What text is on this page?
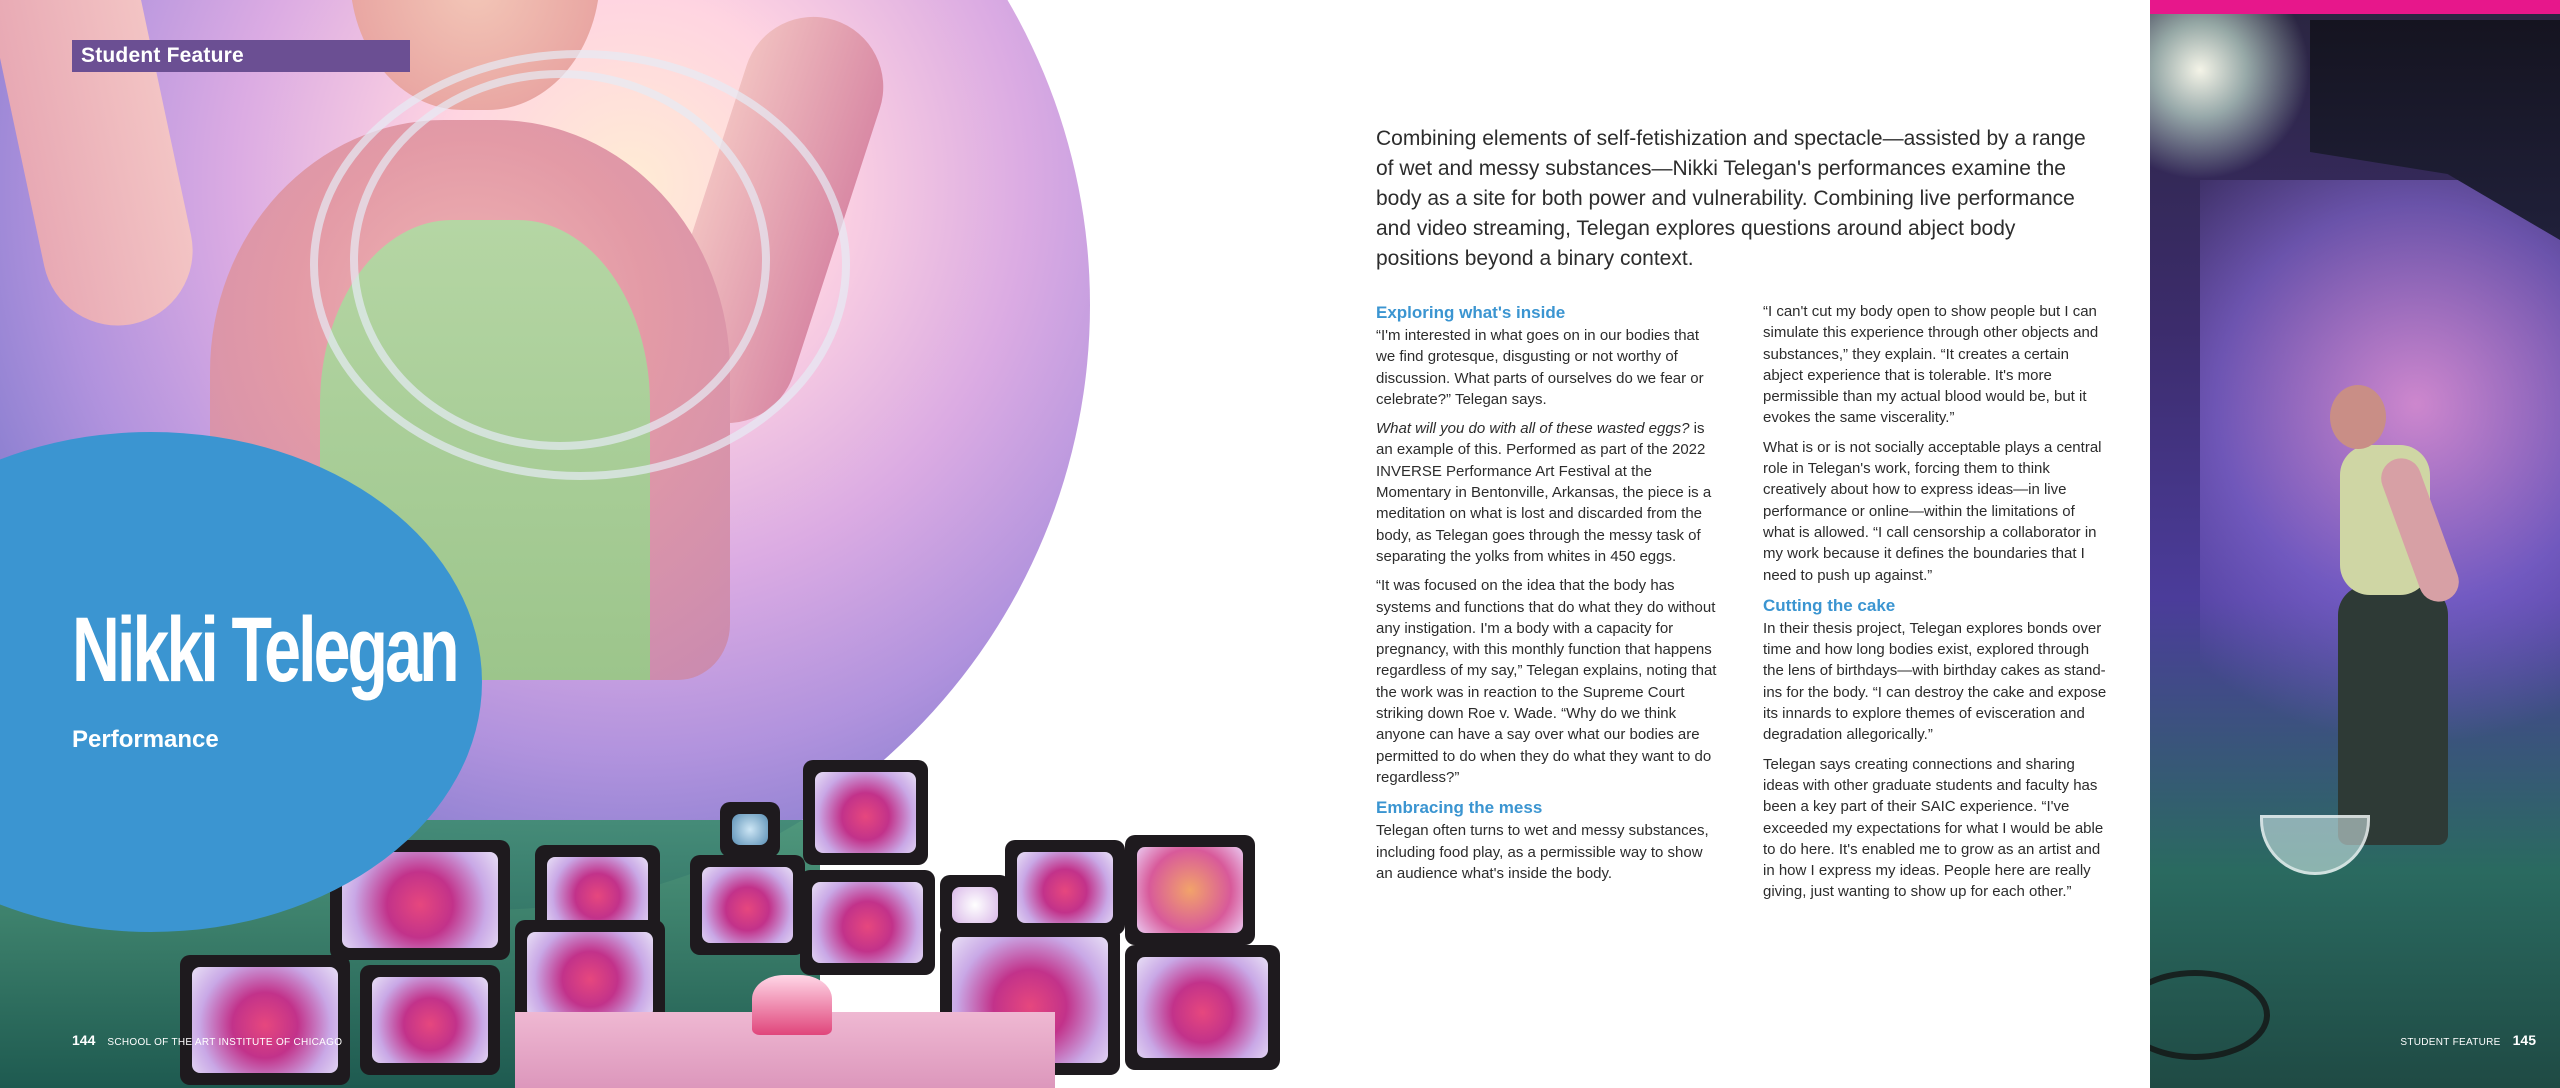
Student Feature
Nikki Telegan
Performance
144 SCHOOL OF THE ART INSTITUTE OF CHICAGO
Combining elements of self-fetishization and spectacle—assisted by a range of wet and messy substances—Nikki Telegan's performances examine the body as a site for both power and vulnerability. Combining live performance and video streaming, Telegan explores questions around abject body positions beyond a binary context.
Exploring what's inside

“I'm interested in what goes on in our bodies that we find grotesque, disgusting or not worthy of discussion. What parts of ourselves do we fear or celebrate?” Telegan says.

What will you do with all of these wasted eggs? is an example of this. Performed as part of the 2022 INVERSE Performance Art Festival at the Momentary in Bentonville, Arkansas, the piece is a meditation on what is lost and discarded from the body, as Telegan goes through the messy task of separating the yolks from whites in 450 eggs.

“It was focused on the idea that the body has systems and functions that do what they do without any instigation. I'm a body with a capacity for pregnancy, with this monthly function that happens regardless of my say,” Telegan explains, noting that the work was in reaction to the Supreme Court striking down Roe v. Wade. “Why do we think anyone can have a say over what our bodies are permitted to do when they do what they want to do regardless?”

Embracing the mess

Telegan often turns to wet and messy substances, including food play, as a permissible way to show an audience what's inside the body.

“I can't cut my body open to show people but I can simulate this experience through other objects and substances,” they explain. “It creates a certain abject experience that is tolerable. It's more permissible than my actual blood would be, but it evokes the same viscerality.”

What is or is not socially acceptable plays a central role in Telegan's work, forcing them to think creatively about how to express ideas—in live performance or online—within the limitations of what is allowed. “I call censorship a collaborator in my work because it defines the boundaries that I need to push up against.”

Cutting the cake

In their thesis project, Telegan explores bonds over time and how long bodies exist, explored through the lens of birthdays—with birthday cakes as stand-ins for the body. “I can destroy the cake and expose its innards to explore themes of evisceration and degradation allegorically.”

Telegan says creating connections and sharing ideas with other graduate students and faculty has been a key part of their SAIC experience. “I've exceeded my expectations for what I would be able to do here. It's enabled me to grow as an artist and in how I express my ideas. People here are really giving, just wanting to show up for each other.”

STUDENT FEATURE 145
